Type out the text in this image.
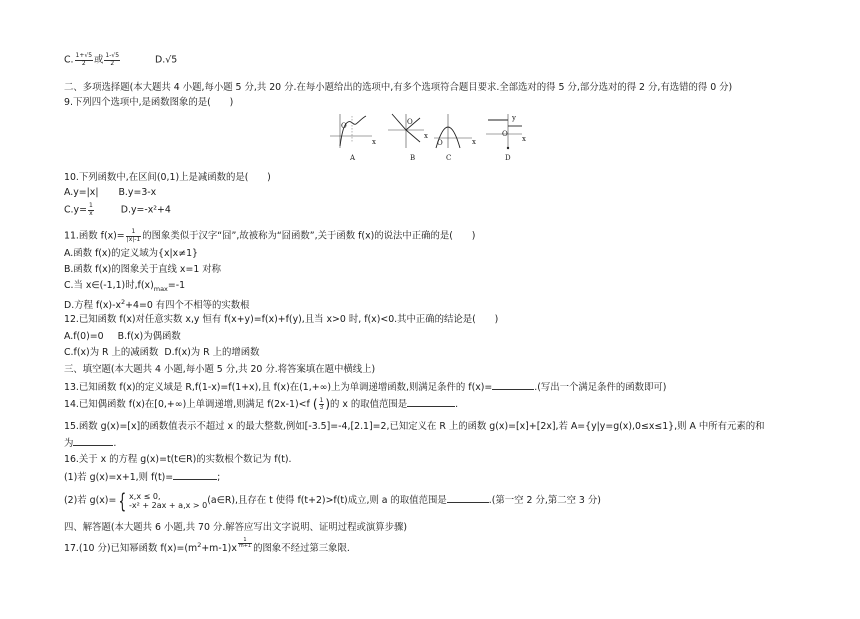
C. $\frac{1+√5}{2}$ 或 $\frac{1-√5}{2}$	D.√5
二、多项选择题(本大题共 4 小题,每小题 5 分,共 20 分.在每小题给出的选项中,有多个选项符合题目要求.全部选对的得 5 分,部分选对的得 2 分,有选错的得 0 分)
9.下列四个选项中,是函数图象的是(　　)
O	O
O
O
x
x
x	x
y
A	B	C	D
10.下列函数中,在区间(0,1)上是减函数的是(　　)
A.y=|x| B.y=3-x
$C.y= \frac{1}{x}$	D.y=-x²+4
11.函数 $f(x)= \frac{1}{|x|-1}$ 的图象类似于汉字“囧”,故被称为“囧函数”,关于函数 f(x)的说法中正确的是(　　)
A.函数 f(x)的定义域为{x|x≠1}
B.函数 f(x)的图象关于直线 x=1 对称
C.当 x∈(-1,1)时$,f(x)_{max}=-1$
D.方程 $f(x)-x^2+4=0$ 有四个不相等的实数根
12.已知函数 f(x)对任意实数 x,y 恒有 f(x+y)=f(x)+f(y),且当 x>0 时, f(x)<0.其中正确的结论是(　　)
A.f(0)=0 B.f(x)为偶函数
C.f(x)为 R 上的减函数 D.f(x)为 R 上的增函数
三、填空题(本大题共 4 小题,每小题 5 分,共 20 分.将答案填在题中横线上)
13.已知函数 f(x)的定义域是 R,f(1-x)=f(1+x),且 f(x)在(1,+∞)上为单调递增函数,则满足条件的 f(x)=	.(写出一个满足条件的函数即可)
14.已知偶函数 f(x)在[0,+∞)上单调递增,则满足 f(2x-1)<f ( $\frac{1}{3}$ )的 x 的取值范围是	.
15.函数 g(x)=[x]的函数值表示不超过 x 的最大整数,例如[-3.5]=-4,[2.1]=2,已知定义在 R 上的函数 g(x)=[x]+[2x],若 A={y|y=g(x),0≤x≤1},则 A 中所有元素的和
为	.
16.关于 x 的方程 g(x)=t(t∈R)的实数根个数记为 f(t).
(1)若 g(x)=x+1,则 f(t)=	;
(2)若 g(x)= { x,x ≤ 0,
-x² + 2ax + a,x > 0 (a∈R),且存在 t 使得 f(t+2)>f(t)成立,则 a 的取值范围是	.(第一空 2 分,第二空 3 分)
四、解答题(本大题共 6 小题,共 70 分.解答应写出文字说明、证明过程或演算步骤)
17.(10 分)已知幂函数 $f(x)=(m^2+m-1)x \frac{1}{m+1}$ 的图象不经过第三象限.
